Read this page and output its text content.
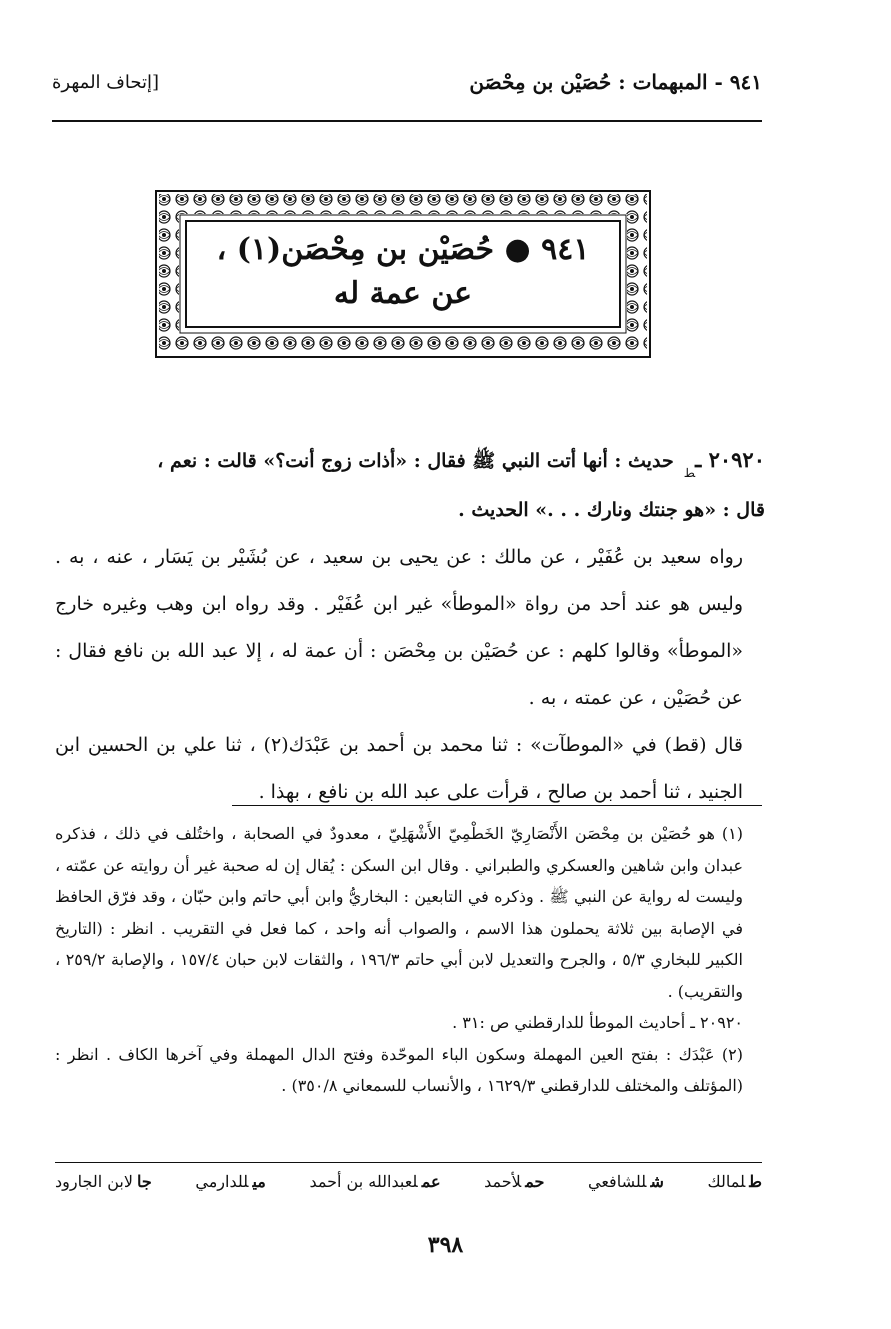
٩٤١ - المبهمات : حُصَيْن بن مِحْصَن
[إتحاف المهرة
٩٤١ ● حُصَيْن بن مِحْصَن(١) ،
عن عمة له

٢٠٩٢٠ ـ$_ط$ حديث : أنها أتت النبي ﷺ فقال : «أذات زوج أنت؟» قالت : نعم ،

قال : «هو جنتك ونارك . . .» الحديث .

رواه سعيد بن عُفَيْر ، عن مالك : عن يحيى بن سعيد ، عن بُشَيْر بن يَسَار ، عنه ، به . وليس هو عند أحد من رواة «الموطأ» غير ابن عُفَيْر . وقد رواه ابن وهب وغيره خارج «الموطأ» وقالوا كلهم : عن حُصَيْن بن مِحْصَن : أن عمة له ، إلا عبد الله بن نافع فقال : عن حُصَيْن ، عن عمته ، به .

قال (قط) في «الموطآت» : ثنا محمد بن أحمد بن عَبْدَك(٢) ، ثنا علي بن الحسين ابن الجنيد ، ثنا أحمد بن صالح ، قرأت على عبد الله بن نافع ، بهذا .

(١) هو حُصَيْن بن مِحْصَن الأَنْصَارِيّ الخَطْمِيّ الأَشْهَلِيّ ، معدودٌ في الصحابة ، واختُلف في ذلك ، فذكره عبدان وابن شاهين والعسكري والطبراني . وقال ابن السكن : يُقال إن له صحبة غير أن روايته عن عمّته ، وليست له رواية عن النبي ﷺ . وذكره في التابعين : البخاريُّ وابن أبي حاتم وابن حبّان ، وقد فرّق الحافظ في الإصابة بين ثلاثة يحملون هذا الاسم ، والصواب أنه واحد ، كما فعل في التقريب . انظر : (التاريخ الكبير للبخاري ٥/٣ ، والجرح والتعديل لابن أبي حاتم ١٩٦/٣ ، والثقات لابن حبان ١٥٧/٤ ، والإصابة ٢٥٩/٢ ، والتقريب) .

٢٠٩٢٠ ـ أحاديث الموطأ للدارقطني ص :٣١ .

(٢) عَبْدَك : بفتح العين المهملة وسكون الباء الموحّدة وفتح الدال المهملة وفي آخرها الكاف . انظر : (المؤتلف والمختلف للدارقطني ١٦٢٩/٣ ، والأنساب للسمعاني ٣٥٠/٨) .

طلمالك
شللشافعي
حملأحمد
عملعبدالله بن أحمد
ميللدارمي
جالابن الجارود
٣٩٨
